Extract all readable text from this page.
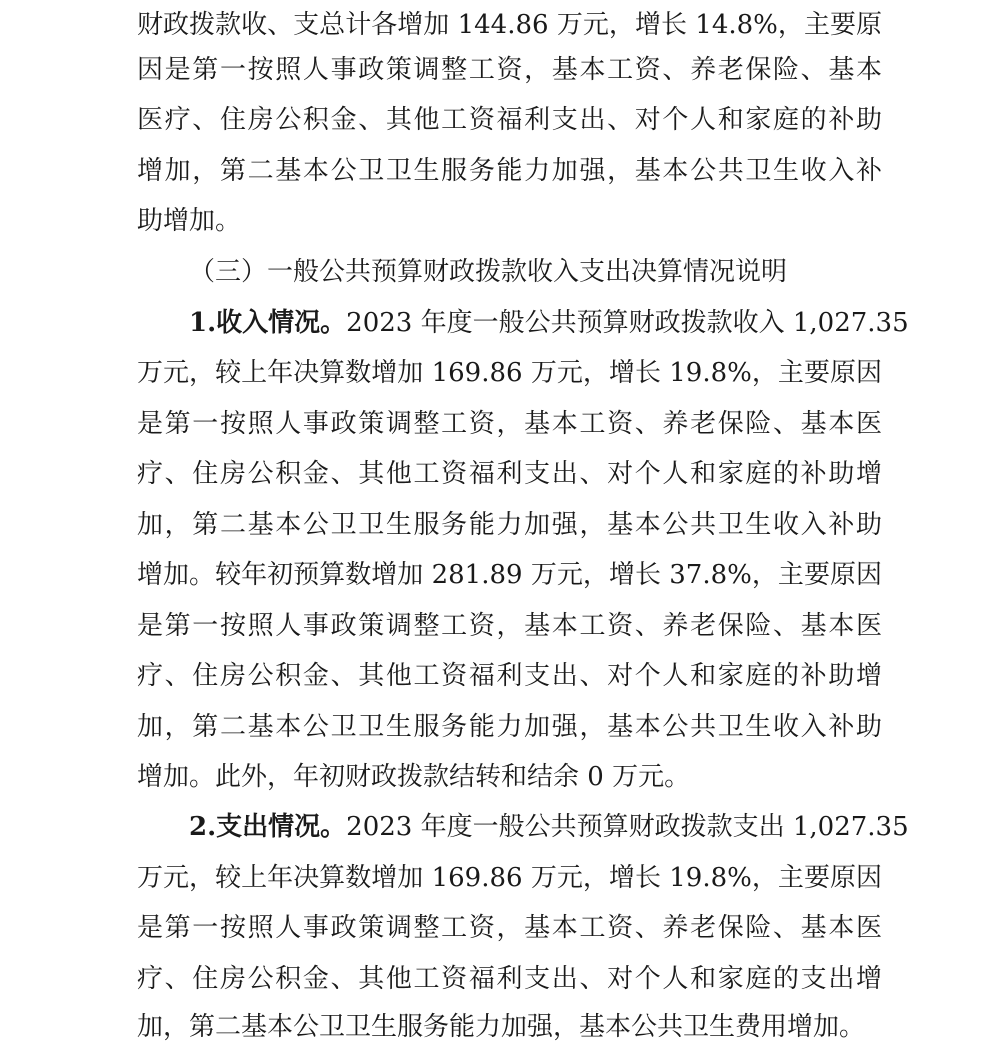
财政拨款收、支总计各增加 144.86 万元，增长 14.8%，主要原
因是第一按照人事政策调整工资，基本工资、养老保险、基本
医疗、住房公积金、其他工资福利支出、对个人和家庭的补助
增加，第二基本公卫卫生服务能力加强，基本公共卫生收入补
助增加。
（三）一般公共预算财政拨款收入支出决算情况说明
1.收入情况。2023 年度一般公共预算财政拨款收入 1,027.35
万元，较上年决算数增加 169.86 万元，增长 19.8%，主要原因
是第一按照人事政策调整工资，基本工资、养老保险、基本医
疗、住房公积金、其他工资福利支出、对个人和家庭的补助增
加，第二基本公卫卫生服务能力加强，基本公共卫生收入补助
增加。较年初预算数增加 281.89 万元，增长 37.8%，主要原因
是第一按照人事政策调整工资，基本工资、养老保险、基本医
疗、住房公积金、其他工资福利支出、对个人和家庭的补助增
加，第二基本公卫卫生服务能力加强，基本公共卫生收入补助
增加。此外，年初财政拨款结转和结余 0 万元。
2.支出情况。2023 年度一般公共预算财政拨款支出 1,027.35
万元，较上年决算数增加 169.86 万元，增长 19.8%，主要原因
是第一按照人事政策调整工资，基本工资、养老保险、基本医
疗、住房公积金、其他工资福利支出、对个人和家庭的支出增
加，第二基本公卫卫生服务能力加强，基本公共卫生费用增加。
